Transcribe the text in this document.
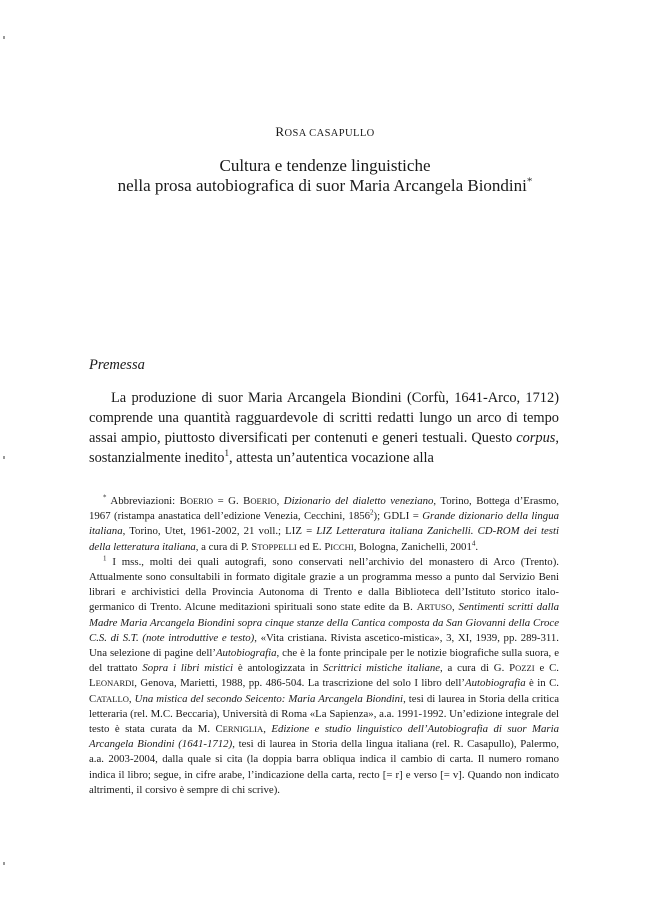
ROSA CASAPULLO
Cultura e tendenze linguistiche
nella prosa autobiografica di suor Maria Arcangela Biondini*
Premessa

La produzione di suor Maria Arcangela Biondini (Corfù, 1641-Arco, 1712) comprende una quantità ragguardevole di scritti redatti lungo un arco di tempo assai ampio, piuttosto diversificati per contenuti e generi testuali. Questo corpus, sostanzialmente inedito$^1$, attesta un’autentica vocazione alla

* Abbreviazioni: BOERIO = G. BOERIO, Dizionario del dialetto veneziano, Torino, Bottega d’Erasmo, 1967 (ristampa anastatica dell’edizione Venezia, Cecchini, 1856$^2$); GDLI = Grande dizionario della lingua italiana, Torino, Utet, 1961-2002, 21 voll.; LIZ = LIZ Letteratura italiana Zanichelli. CD-ROM dei testi della letteratura italiana, a cura di P. STOPPELLI ed E. PICCHI, Bologna, Zanichelli, 2001$^4$.

$^1$ I mss., molti dei quali autografi, sono conservati nell’archivio del monastero di Arco (Trento). Attualmente sono consultabili in formato digitale grazie a un programma messo a punto dal Servizio Beni librari e archivistici della Provincia Autonoma di Trento e dalla Biblioteca dell’Istituto storico italo-germanico di Trento. Alcune meditazioni spirituali sono state edite da B. ARTUSO, Sentimenti scritti dalla Madre Maria Arcangela Biondini sopra cinque stanze della Cantica composta da San Giovanni della Croce C.S. di S.T. (note introduttive e testo), «Vita cristiana. Rivista ascetico-mistica», 3, XI, 1939, pp. 289-311. Una selezione di pagine dell’Autobiografia, che è la fonte principale per le notizie biografiche sulla suora, e del trattato Sopra i libri mistici è antologizzata in Scrittrici mistiche italiane, a cura di G. POZZI e C. LEONARDI, Genova, Marietti, 1988, pp. 486-504. La trascrizione del solo I libro dell’Autobiografia è in C. CATALLO, Una mistica del secondo Seicento: Maria Arcangela Biondini, tesi di laurea in Storia della critica letteraria (rel. M.C. Beccaria), Università di Roma «La Sapienza», a.a. 1991-1992. Un’edizione integrale del testo è stata curata da M. CERNIGLIA, Edizione e studio linguistico dell’Autobiografia di suor Maria Arcangela Biondini (1641-1712), tesi di laurea in Storia della lingua italiana (rel. R. Casapullo), Palermo, a.a. 2003-2004, dalla quale si cita (la doppia barra obliqua indica il cambio di carta. Il numero romano indica il libro; segue, in cifre arabe, l’indicazione della carta, recto [= r] e verso [= v]. Quando non indicato altrimenti, il corsivo è sempre di chi scrive).
